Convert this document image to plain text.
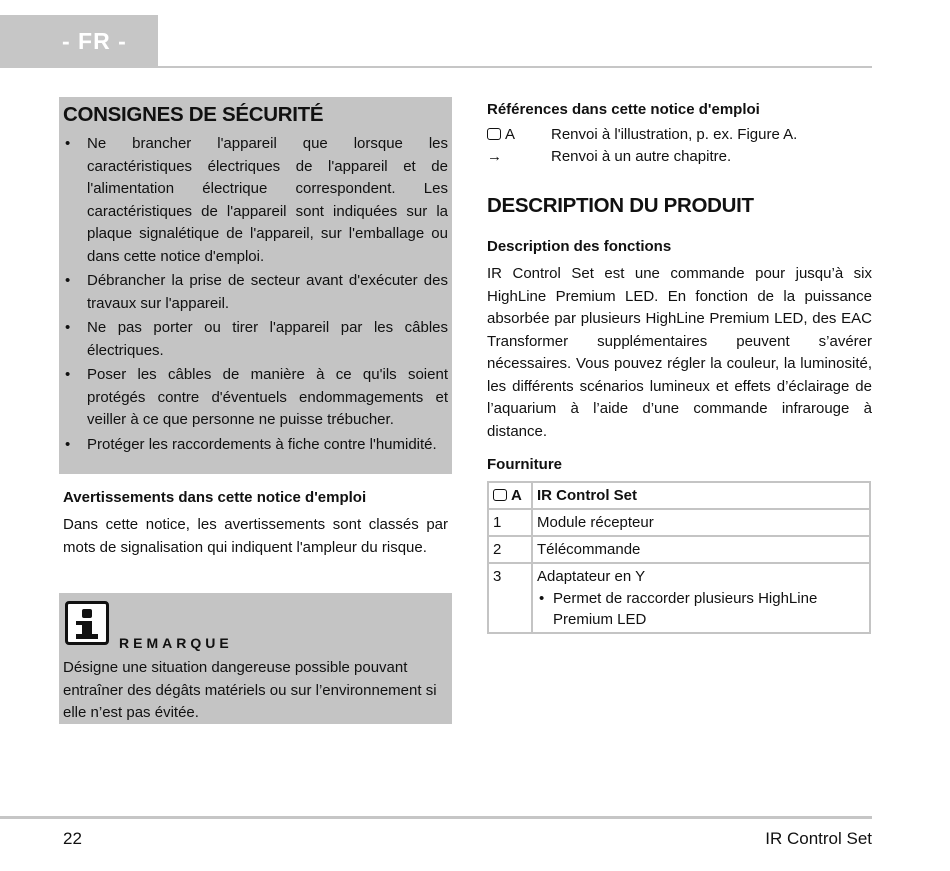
- FR -
CONSIGNES DE SÉCURITÉ
• Ne brancher l'appareil que lorsque les caractéristiques électriques de l'appareil et de l'alimentation électrique correspondent. Les caractéristiques de l'appareil sont indiquées sur la plaque signalétique de l'appareil, sur l'emballage ou dans cette notice d'emploi.
• Débrancher la prise de secteur avant d'exécuter des travaux sur l'appareil.
• Ne pas porter ou tirer l'appareil par les câbles électriques.
• Poser les câbles de manière à ce qu'ils soient protégés contre d'éventuels endommagements et veiller à ce que personne ne puisse trébucher.
• Protéger les raccordements à fiche contre l'humidité.
Avertissements dans cette notice d'emploi
Dans cette notice, les avertissements sont classés par mots de signalisation qui indiquent l'ampleur du risque.
REMARQUE
Désigne une situation dangereuse possible pouvant entraîner des dégâts matériels ou sur l’environnement si elle n’est pas évitée.
Références dans cette notice d'emploi
A	Renvoi à l'illustration, p. ex. Figure A.
→	Renvoi à un autre chapitre.
DESCRIPTION DU PRODUIT
Description des fonctions
IR Control Set est une commande pour jusqu’à six HighLine Premium LED. En fonction de la puissance absorbée par plusieurs HighLine Premium LED, des EAC Transformer supplémentaires peuvent s’avérer nécessaires. Vous pouvez régler la couleur, la luminosité, les différents scénarios lumineux et effets d’éclairage de l’aquarium à l’aide d’une commande infrarouge à distance.
Fourniture
A	IR Control Set
1	Module récepteur
2	Télécommande
3	Adaptateur en Y
• Permet de raccorder plusieurs HighLine Premium LED
22	IR Control Set
